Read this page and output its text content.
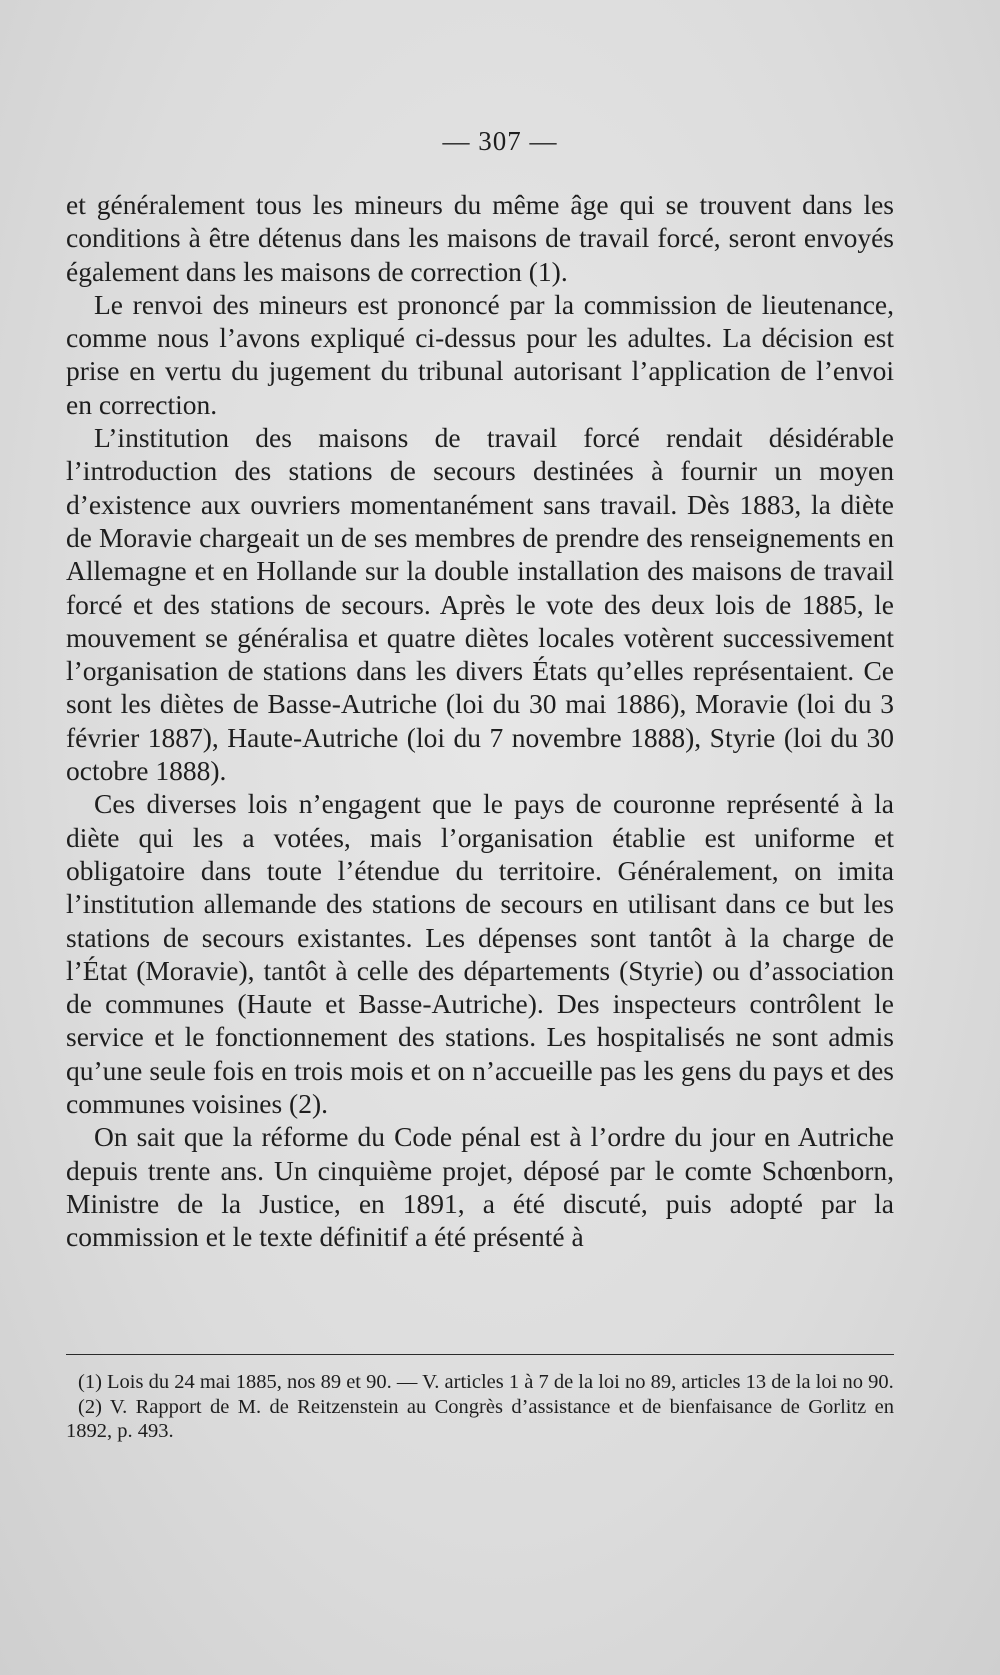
— 307 —

et généralement tous les mineurs du même âge qui se trouvent dans les conditions à être détenus dans les maisons de travail forcé, seront envoyés également dans les maisons de correction (1).

Le renvoi des mineurs est prononcé par la commission de lieutenance, comme nous l’avons expliqué ci-dessus pour les adultes. La décision est prise en vertu du jugement du tribunal autorisant l’application de l’envoi en correction.

L’institution des maisons de travail forcé rendait désidérable l’introduction des stations de secours destinées à fournir un moyen d’existence aux ouvriers momentanément sans travail. Dès 1883, la diète de Moravie chargeait un de ses membres de prendre des renseignements en Allemagne et en Hollande sur la double installation des maisons de travail forcé et des stations de secours. Après le vote des deux lois de 1885, le mouvement se généralisa et quatre diètes locales votèrent successivement l’organisation de stations dans les divers États qu’elles représentaient. Ce sont les diètes de Basse-Autriche (loi du 30 mai 1886), Moravie (loi du 3 février 1887), Haute-Autriche (loi du 7 novembre 1888), Styrie (loi du 30 octobre 1888).

Ces diverses lois n’engagent que le pays de couronne représenté à la diète qui les a votées, mais l’organisation établie est uniforme et obligatoire dans toute l’étendue du territoire. Généralement, on imita l’institution allemande des stations de secours en utilisant dans ce but les stations de secours existantes. Les dépenses sont tantôt à la charge de l’État (Moravie), tantôt à celle des départements (Styrie) ou d’association de communes (Haute et Basse-Autriche). Des inspecteurs contrôlent le service et le fonctionnement des stations. Les hospitalisés ne sont admis qu’une seule fois en trois mois et on n’accueille pas les gens du pays et des communes voisines (2).

On sait que la réforme du Code pénal est à l’ordre du jour en Autriche depuis trente ans. Un cinquième projet, déposé par le comte Schœnborn, Ministre de la Justice, en 1891, a été discuté, puis adopté par la commission et le texte définitif a été présenté à

(1) Lois du 24 mai 1885, nos 89 et 90. — V. articles 1 à 7 de la loi no 89, articles 13 de la loi no 90.

(2) V. Rapport de M. de Reitzenstein au Congrès d’assistance et de bienfaisance de Gorlitz en 1892, p. 493.
